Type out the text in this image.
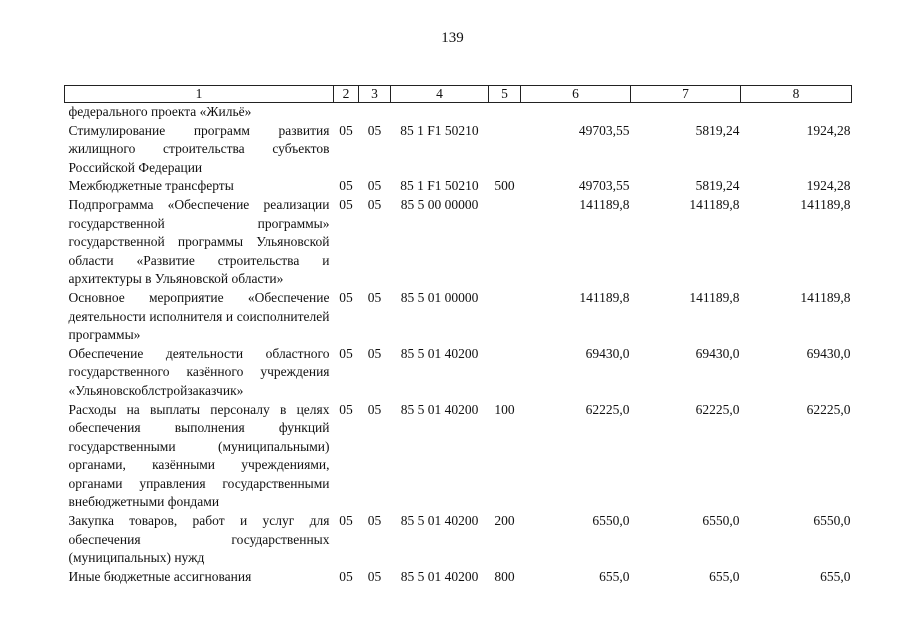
139
1	2	3	4	5	6	7	8
федерального проекта «Жильё»							
Стимулирование программ развития жилищного строительства субъектов Российской Федерации	05	05	85 1 F1 50210		49703,55	5819,24	1924,28
Межбюджетные трансферты	05	05	85 1 F1 50210	500	49703,55	5819,24	1924,28
Подпрограмма «Обеспечение реализации государственной программы» государственной программы Ульяновской области «Развитие строительства и архитектуры в Ульяновской области»	05	05	85 5 00 00000		141189,8	141189,8	141189,8
Основное мероприятие «Обеспечение деятельности исполнителя и соисполнителей программы»	05	05	85 5 01 00000		141189,8	141189,8	141189,8
Обеспечение деятельности областного государственного казённого учреждения «Ульяновскоблстройзаказчик»	05	05	85 5 01 40200		69430,0	69430,0	69430,0
Расходы на выплаты персоналу в целях обеспечения выполнения функций государственными (муниципальными) органами, казёнными учреждениями, органами управления государственными внебюджетными фондами	05	05	85 5 01 40200	100	62225,0	62225,0	62225,0
Закупка товаров, работ и услуг для обеспечения государственных (муниципальных) нужд	05	05	85 5 01 40200	200	6550,0	6550,0	6550,0
Иные бюджетные ассигнования	05	05	85 5 01 40200	800	655,0	655,0	655,0
